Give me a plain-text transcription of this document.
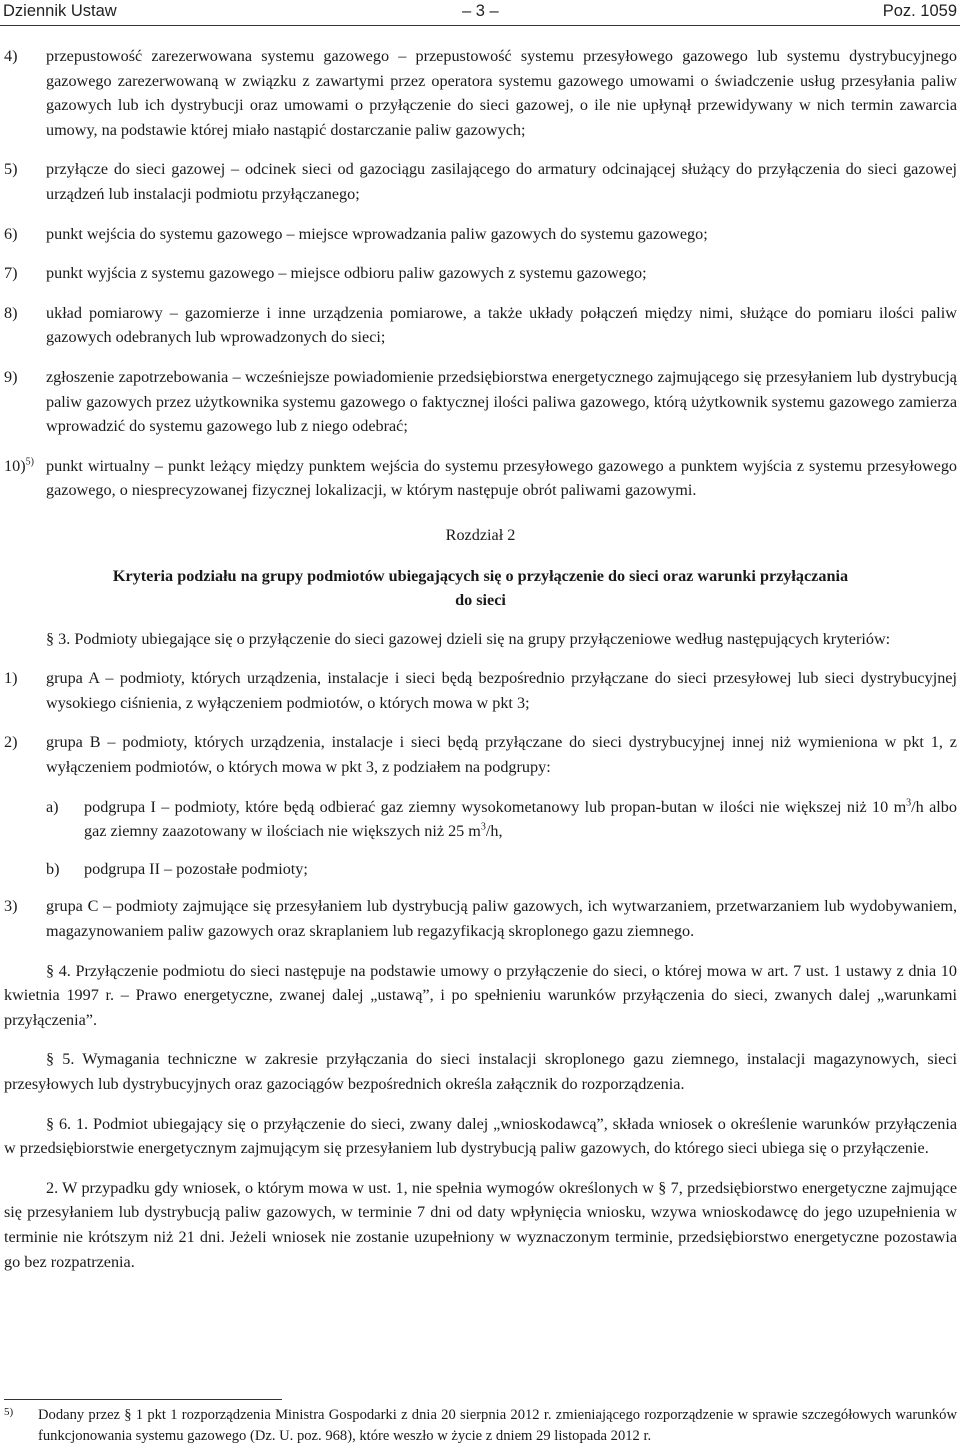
Dziennik Ustaw	– 3 –	Poz. 1059
4) przepustowość zarezerwowana systemu gazowego – przepustowość systemu przesyłowego gazowego lub systemu dystrybucyjnego gazowego zarezerwowaną w związku z zawartymi przez operatora systemu gazowego umowami o świadczenie usług przesyłania paliw gazowych lub ich dystrybucji oraz umowami o przyłączenie do sieci gazowej, o ile nie upłynął przewidywany w nich termin zawarcia umowy, na podstawie której miało nastąpić dostarczanie paliw gazowych;
5) przyłącze do sieci gazowej – odcinek sieci od gazociągu zasilającego do armatury odcinającej służący do przyłączenia do sieci gazowej urządzeń lub instalacji podmiotu przyłączanego;
6) punkt wejścia do systemu gazowego – miejsce wprowadzania paliw gazowych do systemu gazowego;
7) punkt wyjścia z systemu gazowego – miejsce odbioru paliw gazowych z systemu gazowego;
8) układ pomiarowy – gazomierze i inne urządzenia pomiarowe, a także układy połączeń między nimi, służące do pomiaru ilości paliw gazowych odebranych lub wprowadzonych do sieci;
9) zgłoszenie zapotrzebowania – wcześniejsze powiadomienie przedsiębiorstwa energetycznego zajmującego się przesyłaniem lub dystrybucją paliw gazowych przez użytkownika systemu gazowego o faktycznej ilości paliwa gazowego, którą użytkownik systemu gazowego zamierza wprowadzić do systemu gazowego lub z niego odebrać;
10)$^{5)}$ punkt wirtualny – punkt leżący między punktem wejścia do systemu przesyłowego gazowego a punktem wyjścia z systemu przesyłowego gazowego, o niesprecyzowanej fizycznej lokalizacji, w którym następuje obrót paliwami gazowymi.
Rozdział 2
Kryteria podziału na grupy podmiotów ubiegających się o przyłączenie do sieci oraz warunki przyłączania do sieci

§ 3. Podmioty ubiegające się o przyłączenie do sieci gazowej dzieli się na grupy przyłączeniowe według następujących kryteriów:

1) grupa A – podmioty, których urządzenia, instalacje i sieci będą bezpośrednio przyłączane do sieci przesyłowej lub sieci dystrybucyjnej wysokiego ciśnienia, z wyłączeniem podmiotów, o których mowa w pkt 3;
2) grupa B – podmioty, których urządzenia, instalacje i sieci będą przyłączane do sieci dystrybucyjnej innej niż wymieniona w pkt 1, z wyłączeniem podmiotów, o których mowa w pkt 3, z podziałem na podgrupy:
a) podgrupa I – podmioty, które będą odbierać gaz ziemny wysokometanowy lub propan-butan w ilości nie większej niż 10 $m^3/h$ albo gaz ziemny zaazotowany w ilościach nie większych niż 25 $m^3/h$,
b) podgrupa II – pozostałe podmioty;
3) grupa C – podmioty zajmujące się przesyłaniem lub dystrybucją paliw gazowych, ich wytwarzaniem, przetwarzaniem lub wydobywaniem, magazynowaniem paliw gazowych oraz skraplaniem lub regazyfikacją skroplonego gazu ziemnego.

§ 4. Przyłączenie podmiotu do sieci następuje na podstawie umowy o przyłączenie do sieci, o której mowa w art. 7 ust. 1 ustawy z dnia 10 kwietnia 1997 r. – Prawo energetyczne, zwanej dalej „ustawą”, i po spełnieniu warunków przyłączenia do sieci, zwanych dalej „warunkami przyłączenia”.

§ 5. Wymagania techniczne w zakresie przyłączania do sieci instalacji skroplonego gazu ziemnego, instalacji magazynowych, sieci przesyłowych lub dystrybucyjnych oraz gazociągów bezpośrednich określa załącznik do rozporządzenia.

§ 6. 1. Podmiot ubiegający się o przyłączenie do sieci, zwany dalej „wnioskodawcą”, składa wniosek o określenie warunków przyłączenia w przedsiębiorstwie energetycznym zajmującym się przesyłaniem lub dystrybucją paliw gazowych, do którego sieci ubiega się o przyłączenie.

2. W przypadku gdy wniosek, o którym mowa w ust. 1, nie spełnia wymogów określonych w § 7, przedsiębiorstwo energetyczne zajmujące się przesyłaniem lub dystrybucją paliw gazowych, w terminie 7 dni od daty wpłynięcia wniosku, wzywa wnioskodawcę do jego uzupełnienia w terminie nie krótszym niż 21 dni. Jeżeli wniosek nie zostanie uzupełniony w wyznaczonym terminie, przedsiębiorstwo energetyczne pozostawia go bez rozpatrzenia.

5) Dodany przez § 1 pkt 1 rozporządzenia Ministra Gospodarki z dnia 20 sierpnia 2012 r. zmieniającego rozporządzenie w sprawie szczegółowych warunków funkcjonowania systemu gazowego (Dz. U. poz. 968), które weszło w życie z dniem 29 listopada 2012 r.
